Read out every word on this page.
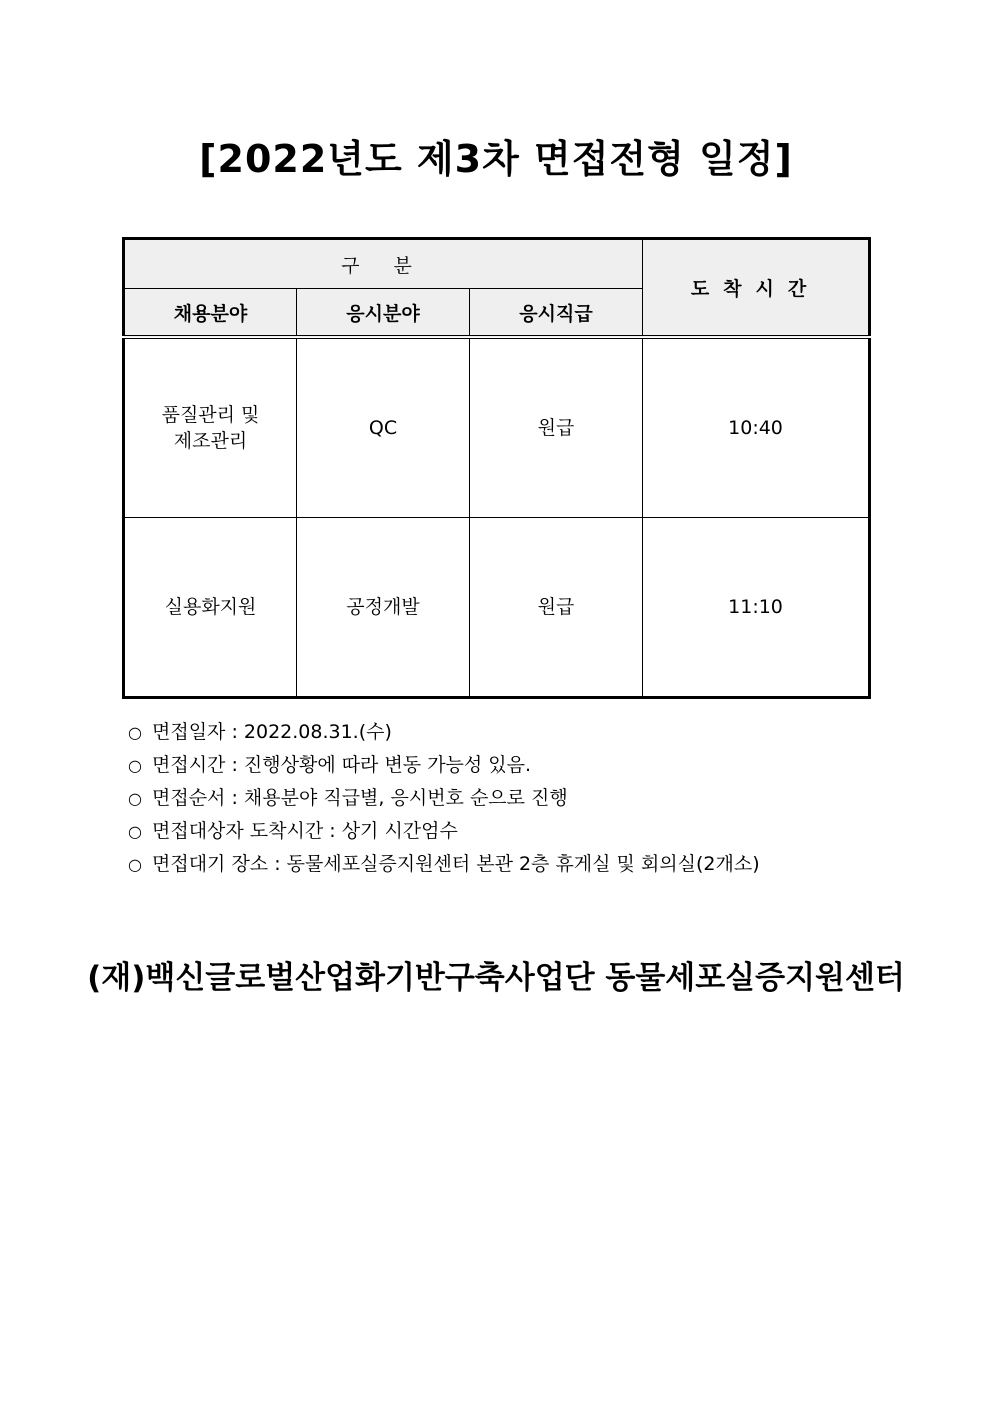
[2022년도 제3차 면접전형 일정]
구 분			도착시간
채용분야	응시분야	응시직급	

품질관리 및
제조관리	QC	원급	10:40

실용화지원	공정개발	원급	11:10
○ 면접일자 : 2022.08.31.(수)
○ 면접시간 : 진행상황에 따라 변동 가능성 있음.
○ 면접순서 : 채용분야 직급별, 응시번호 순으로 진행
○ 면접대상자 도착시간 : 상기 시간엄수
○ 면접대기 장소 : 동물세포실증지원센터 본관 2층 휴게실 및 회의실(2개소)
(재)백신글로벌산업화기반구축사업단 동물세포실증지원센터
